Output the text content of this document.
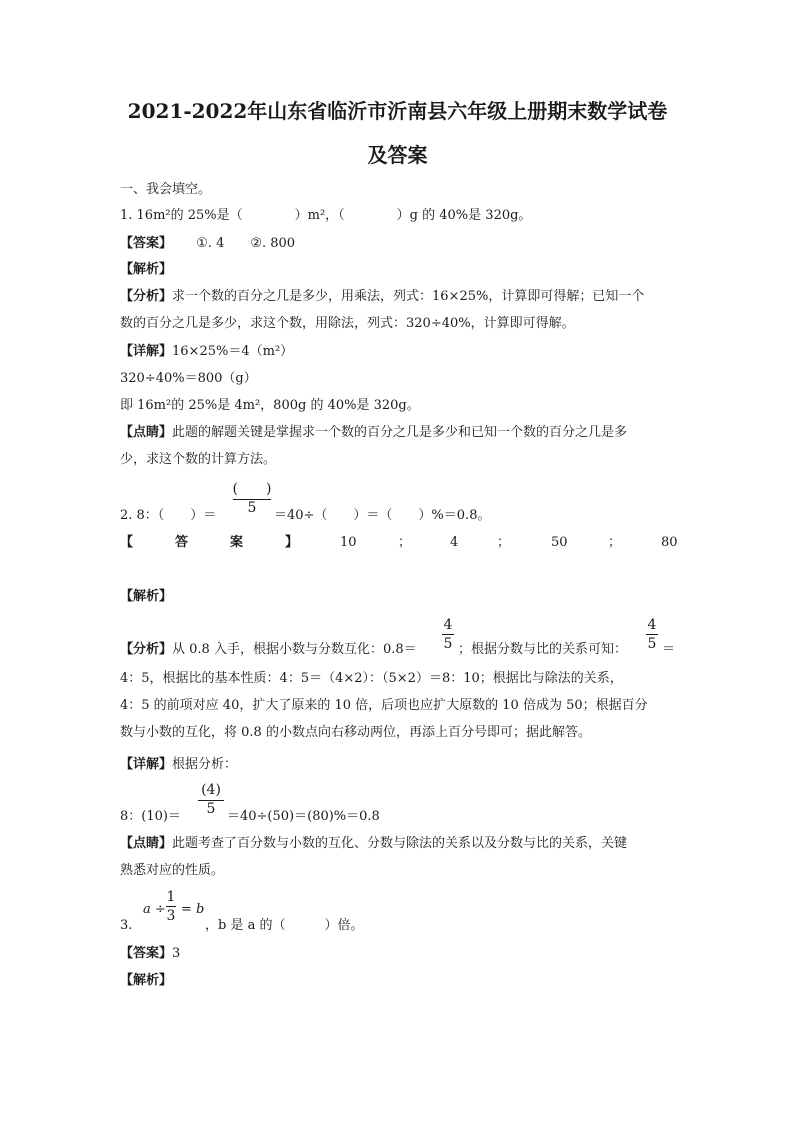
2021-2022年山东省临沂市沂南县六年级上册期末数学试卷
及答案
一、我会填空。
1. 16m²的 25%是（　　　　）m²，（　　　　）g 的 40%是 320g。
【答案】 ①. 4　　②. 800
【解析】
【分析】求一个数的百分之几是多少，用乘法，列式：16×25%，计算即可得解；已知一个
数的百分之几是多少，求这个数，用除法，列式：320÷40%，计算即可得解。
【详解】16×25%＝4（m²）
320÷40%＝800（g）
即 16m²的 25%是 4m²，800g 的 40%是 320g。
【点睛】此题的解题关键是掌握求一个数的百分之几是多少和已知一个数的百分之几是多
少，求这个数的计算方法。
(　　)
5
2. 8：（　　）＝	＝40÷（　　）＝（　　）%＝0.8。
【	答	案	】	10	；	4	；	50	；	80
【解析】
4
5
4
5
【分析】从 0.8 入手，根据小数与分数互化：0.8＝	；根据分数与比的关系可知：	＝
4：5，根据比的基本性质：4：5＝（4×2）：（5×2）＝8：10；根据比与除法的关系，
4：5 的前项对应 40，扩大了原来的 10 倍，后项也应扩大原数的 10 倍成为 50；根据百分
数与小数的互化，将 0.8 的小数点向右移动两位，再添上百分号即可；据此解答。
【详解】根据分析：
(4)
5
8：(10)＝	＝40÷(50)＝(80)%＝0.8
【点睛】此题考查了百分数与小数的互化、分数与除法的关系以及分数与比的关系，关键
熟悉对应的性质。
a ÷
1
3 = b
3.	，b 是 a 的（　　　）倍。
【答案】3
【解析】
